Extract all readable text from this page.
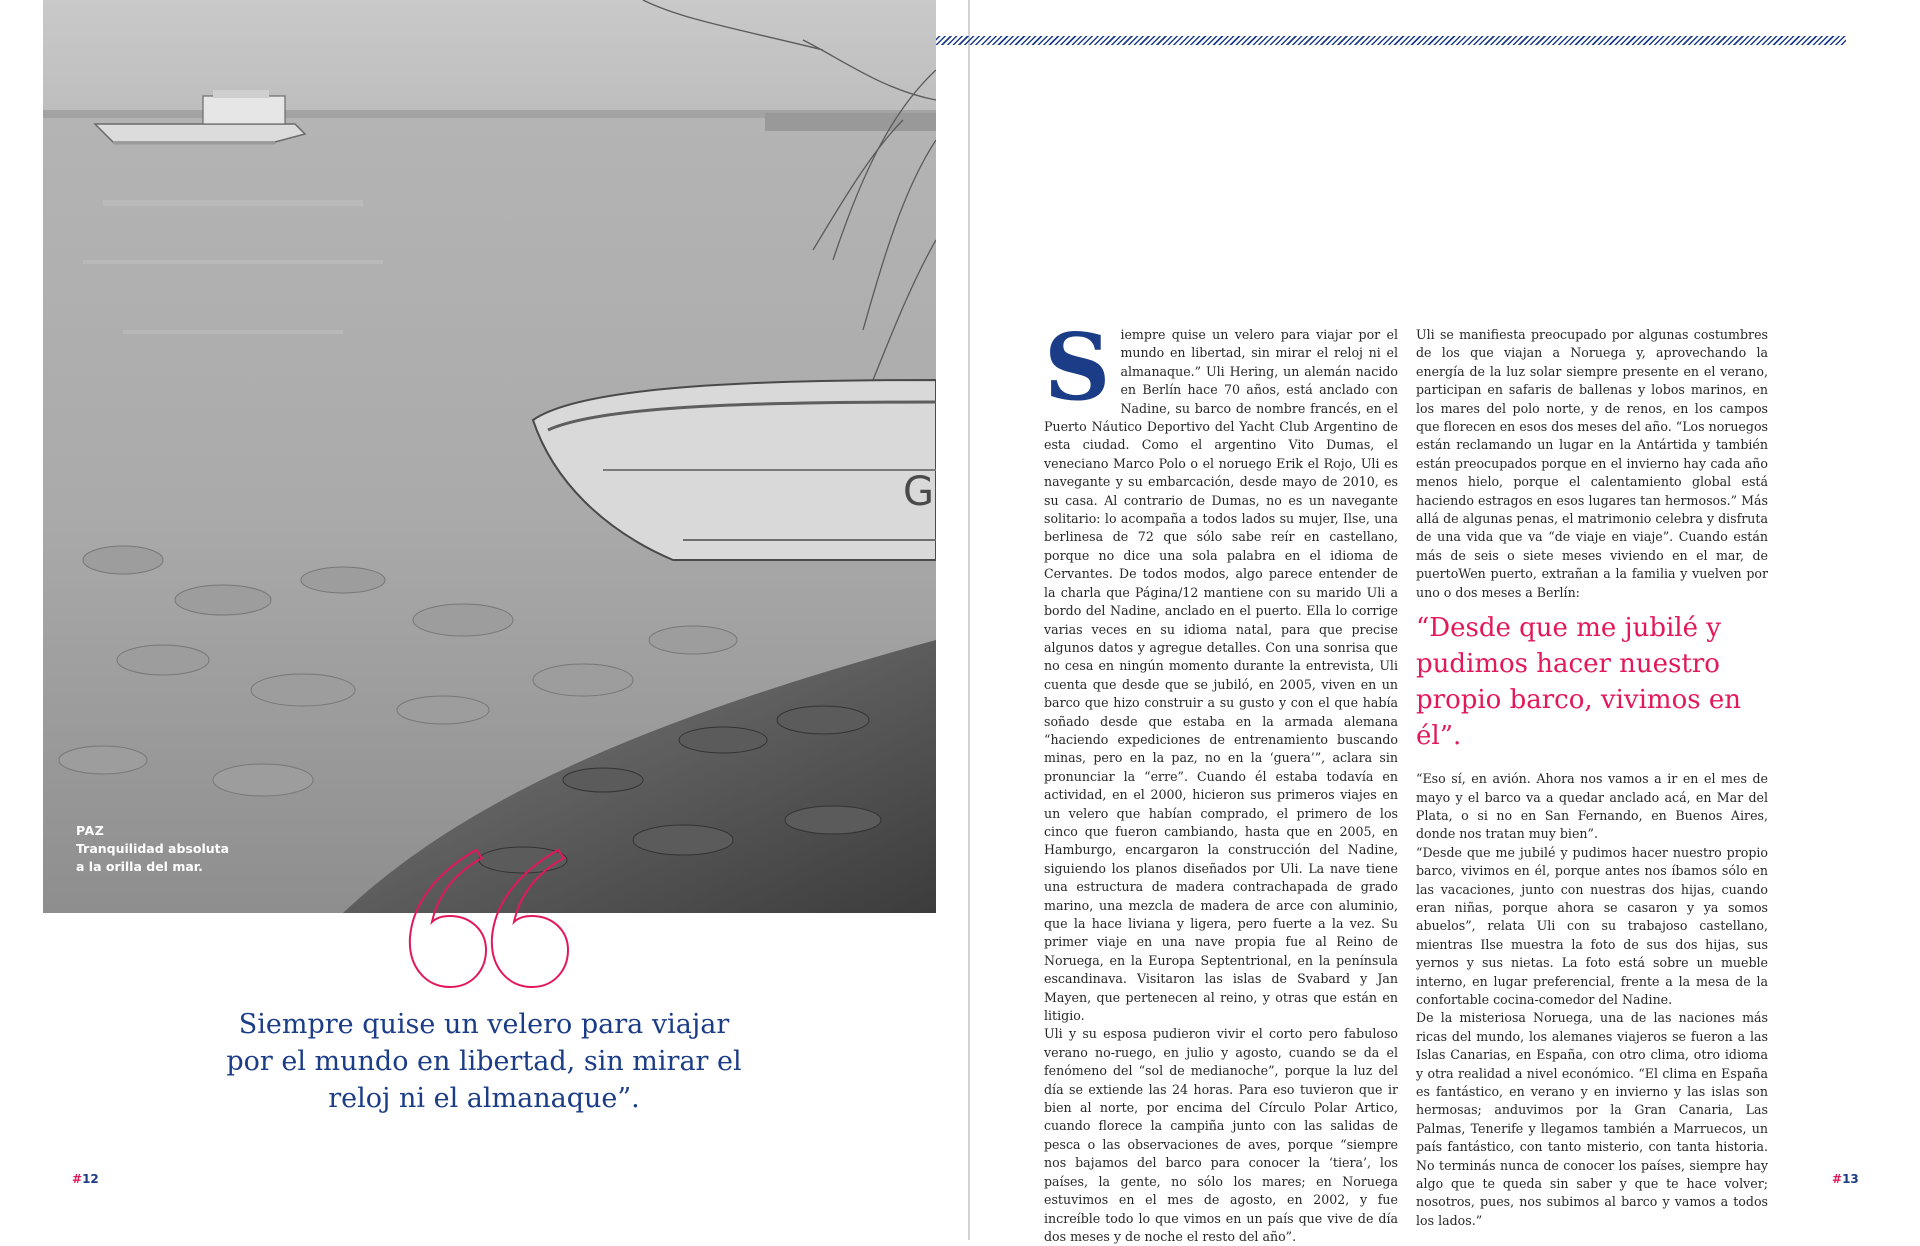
G
PAZ
Tranquilidad absoluta
a la orilla del mar.
Siempre quise un velero para viajar por el mundo en libertad, sin mirar el reloj ni el almanaque”.
#12	#13

Siempre quise un velero para viajar por el mundo en libertad, sin mirar el reloj ni el almanaque.” Uli Hering, un alemán nacido en Berlín hace 70 años, está anclado con Nadine, su barco de nombre francés, en el Puerto Náutico Deportivo del Yacht Club Argentino de esta ciudad. Como el argentino Vito Dumas, el veneciano Marco Polo o el noruego Erik el Rojo, Uli es navegante y su embarcación, desde mayo de 2010, es su casa. Al contrario de Dumas, no es un navegante solitario: lo acompaña a todos lados su mujer, Ilse, una berlinesa de 72 que sólo sabe reír en castellano, porque no dice una sola palabra en el idioma de Cervantes. De todos modos, algo parece entender de la charla que Página/12 mantiene con su marido Uli a bordo del Nadine, anclado en el puerto. Ella lo corrige varias veces en su idioma natal, para que precise algunos datos y agregue detalles. Con una sonrisa que no cesa en ningún momento durante la entrevista, Uli cuenta que desde que se jubiló, en 2005, viven en un barco que hizo construir a su gusto y con el que había soñado desde que estaba en la armada alemana “haciendo expediciones de entrenamiento buscando minas, pero en la paz, no en la ‘guera’”, aclara sin pronunciar la “erre”. Cuando él estaba todavía en actividad, en el 2000, hicieron sus primeros viajes en un velero que habían comprado, el primero de los cinco que fueron cambiando, hasta que en 2005, en Hamburgo, encargaron la construcción del Nadine, siguiendo los planos diseñados por Uli. La nave tiene una estructura de madera contrachapada de grado marino, una mezcla de madera de arce con aluminio, que la hace liviana y ligera, pero fuerte a la vez. Su primer viaje en una nave propia fue al Reino de Noruega, en la Europa Septentrional, en la península escandinava. Visitaron las islas de Svabard y Jan Mayen, que pertenecen al reino, y otras que están en litigio.

Uli y su esposa pudieron vivir el corto pero fabuloso verano no-ruego, en julio y agosto, cuando se da el fenómeno del “sol de medianoche”, porque la luz del día se extiende las 24 horas. Para eso tuvieron que ir bien al norte, por encima del Círculo Polar Artico, cuando florece la campiña junto con las salidas de pesca o las observaciones de aves, porque “siempre nos bajamos del barco para conocer la ‘tiera’, los países, la gente, no sólo los mares; en Noruega estuvimos en el mes de agosto, en 2002, y fue increíble todo lo que vimos en un país que vive de día dos meses y de noche el resto del año”.

Uli se manifiesta preocupado por algunas costumbres de los que viajan a Noruega y, aprovechando la energía de la luz solar siempre presente en el verano, participan en safaris de ballenas y lobos marinos, en los mares del polo norte, y de renos, en los campos que florecen en esos dos meses del año. “Los noruegos están reclamando un lugar en la Antártida y también están preocupados porque en el invierno hay cada año menos hielo, porque el calentamiento global está haciendo estragos en esos lugares tan hermosos.” Más allá de algunas penas, el matrimonio celebra y disfruta de una vida que va “de viaje en viaje”. Cuando están más de seis o siete meses viviendo en el mar, de puertoWen puerto, extrañan a la familia y vuelven por uno o dos meses a Berlín:

“Desde que me jubilé y pudimos hacer nuestro propio barco, vivimos en él”.

“Eso sí, en avión. Ahora nos vamos a ir en el mes de mayo y el barco va a quedar anclado acá, en Mar del Plata, o si no en San Fernando, en Buenos Aires, donde nos tratan muy bien”.

“Desde que me jubilé y pudimos hacer nuestro propio barco, vivimos en él, porque antes nos íbamos sólo en las vacaciones, junto con nuestras dos hijas, cuando eran niñas, porque ahora se casaron y ya somos abuelos”, relata Uli con su trabajoso castellano, mientras Ilse muestra la foto de sus dos hijas, sus yernos y sus nietas. La foto está sobre un mueble interno, en lugar preferencial, frente a la mesa de la confortable cocina-comedor del Nadine.

De la misteriosa Noruega, una de las naciones más ricas del mundo, los alemanes viajeros se fueron a las Islas Canarias, en España, con otro clima, otro idioma y otra realidad a nivel económico. “El clima en España es fantástico, en verano y en invierno y las islas son hermosas; anduvimos por la Gran Canaria, Las Palmas, Tenerife y llegamos también a Marruecos, un país fantástico, con tanto misterio, con tanta historia. No terminás nunca de conocer los países, siempre hay algo que te queda sin saber y que te hace volver; nosotros, pues, nos subimos al barco y vamos a todos los lados.”
